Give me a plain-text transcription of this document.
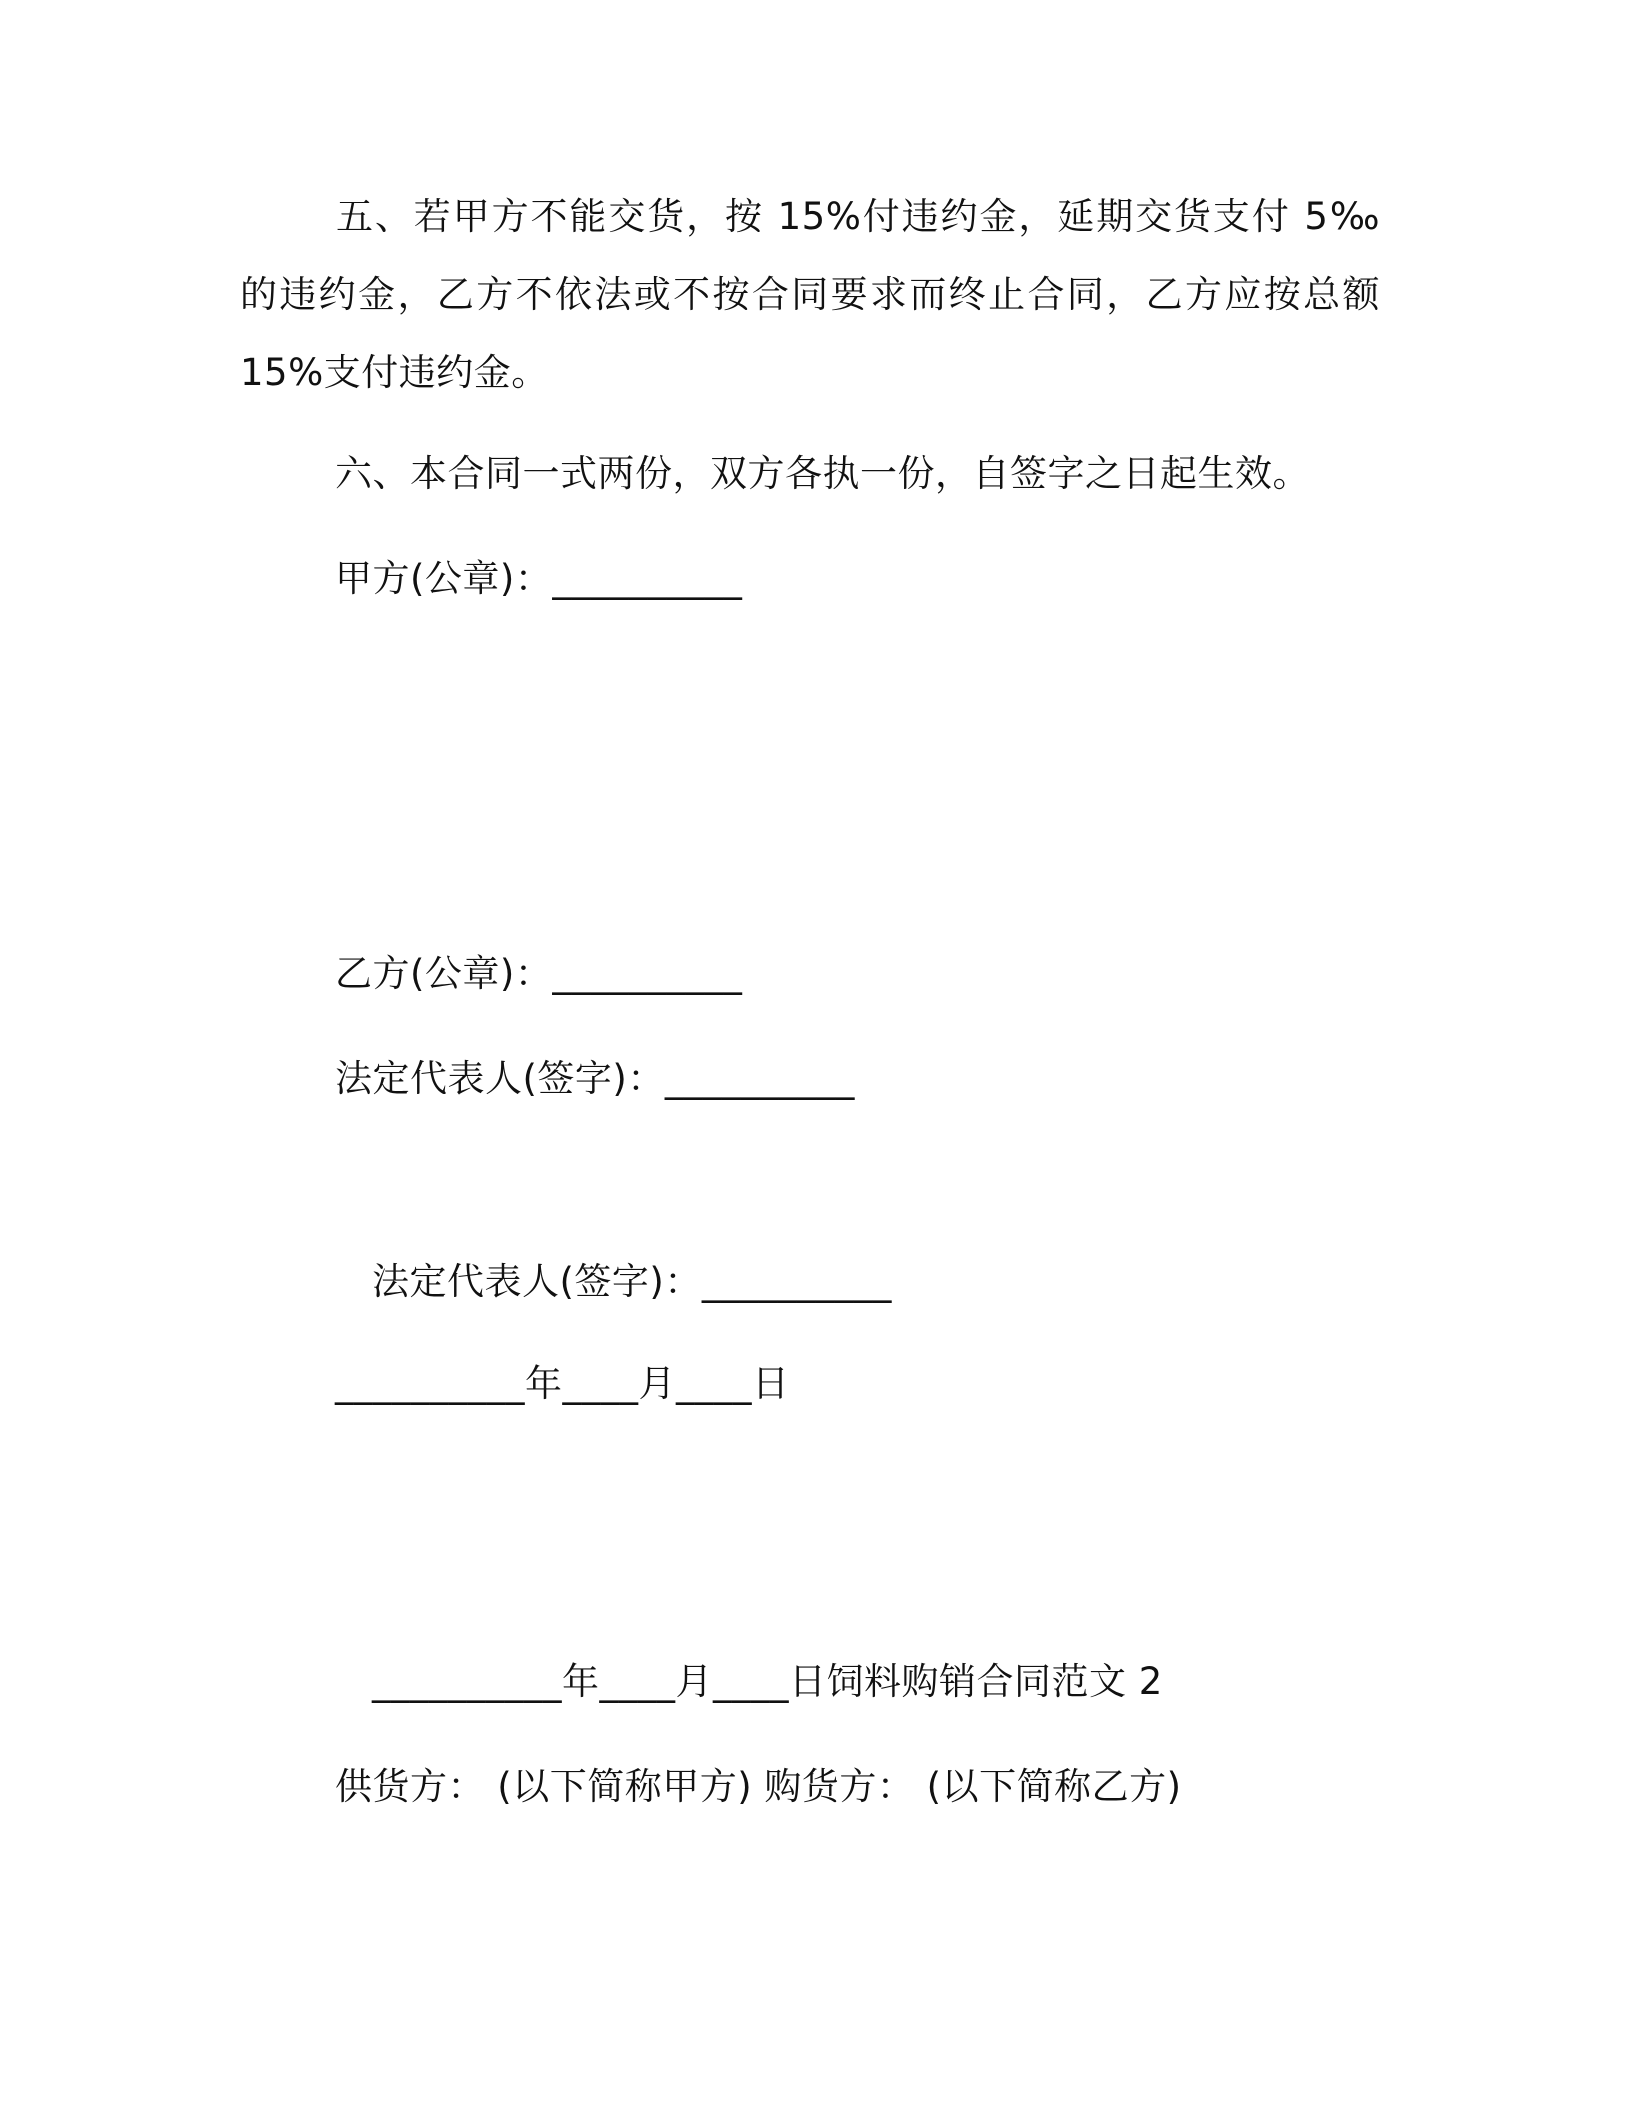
五、若甲方不能交货，按 15%付违约金，延期交货支付 5‰的违约金，乙方不依法或不按合同要求而终止合同，乙方应按总额 15%支付违约金。

六、本合同一式两份，双方各执一份，自签字之日起生效。
甲方(公章)：__________
乙方(公章)：__________
法定代表人(签字)：__________
法定代表人(签字)：__________
__________年____月____日
__________年____月____日饲料购销合同范文 2
供货方： (以下简称甲方) 购货方： (以下简称乙方)
